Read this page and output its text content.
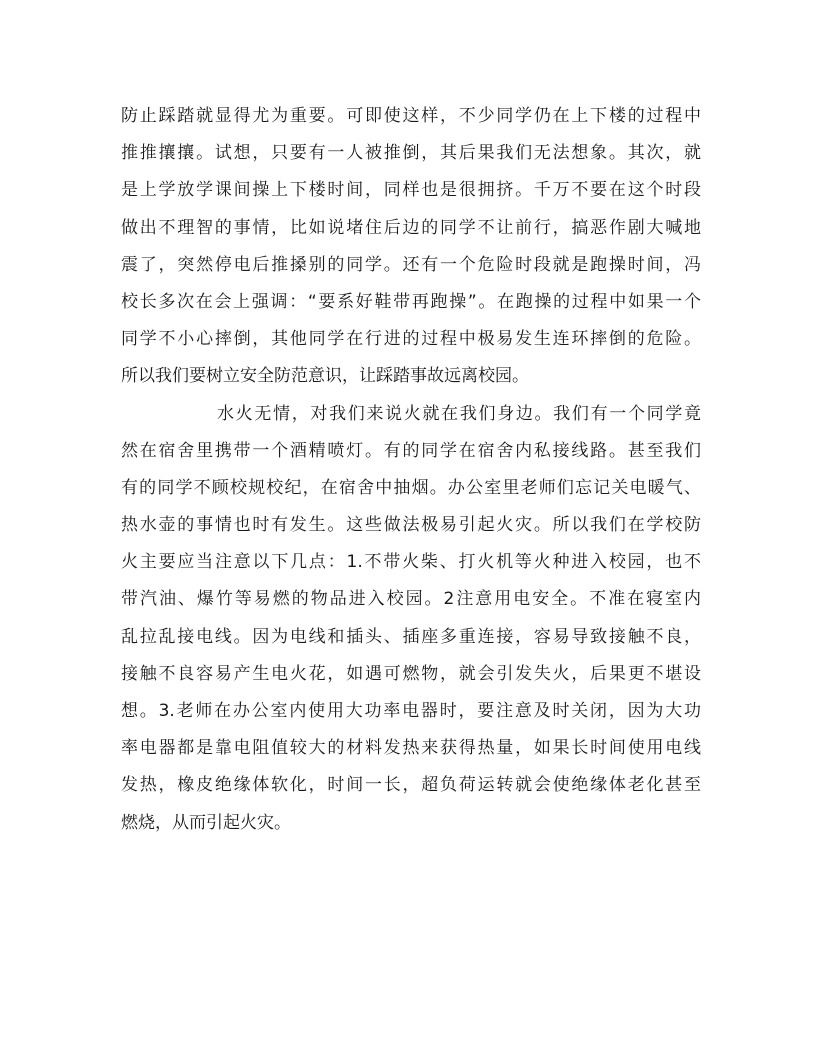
防止踩踏就显得尤为重要。可即使这样，不少同学仍在上下楼的过程中
推推攘攘。试想，只要有一人被推倒，其后果我们无法想象。其次，就
是上学放学课间操上下楼时间，同样也是很拥挤。千万不要在这个时段
做出不理智的事情，比如说堵住后边的同学不让前行，搞恶作剧大喊地
震了，突然停电后推搡别的同学。还有一个危险时段就是跑操时间，冯
校长多次在会上强调：“要系好鞋带再跑操”。在跑操的过程中如果一个
同学不小心摔倒，其他同学在行进的过程中极易发生连环摔倒的危险。
所以我们要树立安全防范意识，让踩踏事故远离校园。
水火无情，对我们来说火就在我们身边。我们有一个同学竟
然在宿舍里携带一个酒精喷灯。有的同学在宿舍内私接线路。甚至我们
有的同学不顾校规校纪，在宿舍中抽烟。办公室里老师们忘记关电暖气、
热水壶的事情也时有发生。这些做法极易引起火灾。所以我们在学校防
火主要应当注意以下几点：1.不带火柴、打火机等火种进入校园，也不
带汽油、爆竹等易燃的物品进入校园。2注意用电安全。不准在寝室内
乱拉乱接电线。因为电线和插头、插座多重连接，容易导致接触不良，
接触不良容易产生电火花，如遇可燃物，就会引发失火，后果更不堪设
想。3.老师在办公室内使用大功率电器时，要注意及时关闭，因为大功
率电器都是靠电阻值较大的材料发热来获得热量，如果长时间使用电线
发热，橡皮绝缘体软化，时间一长，超负荷运转就会使绝缘体老化甚至
燃烧，从而引起火灾。
